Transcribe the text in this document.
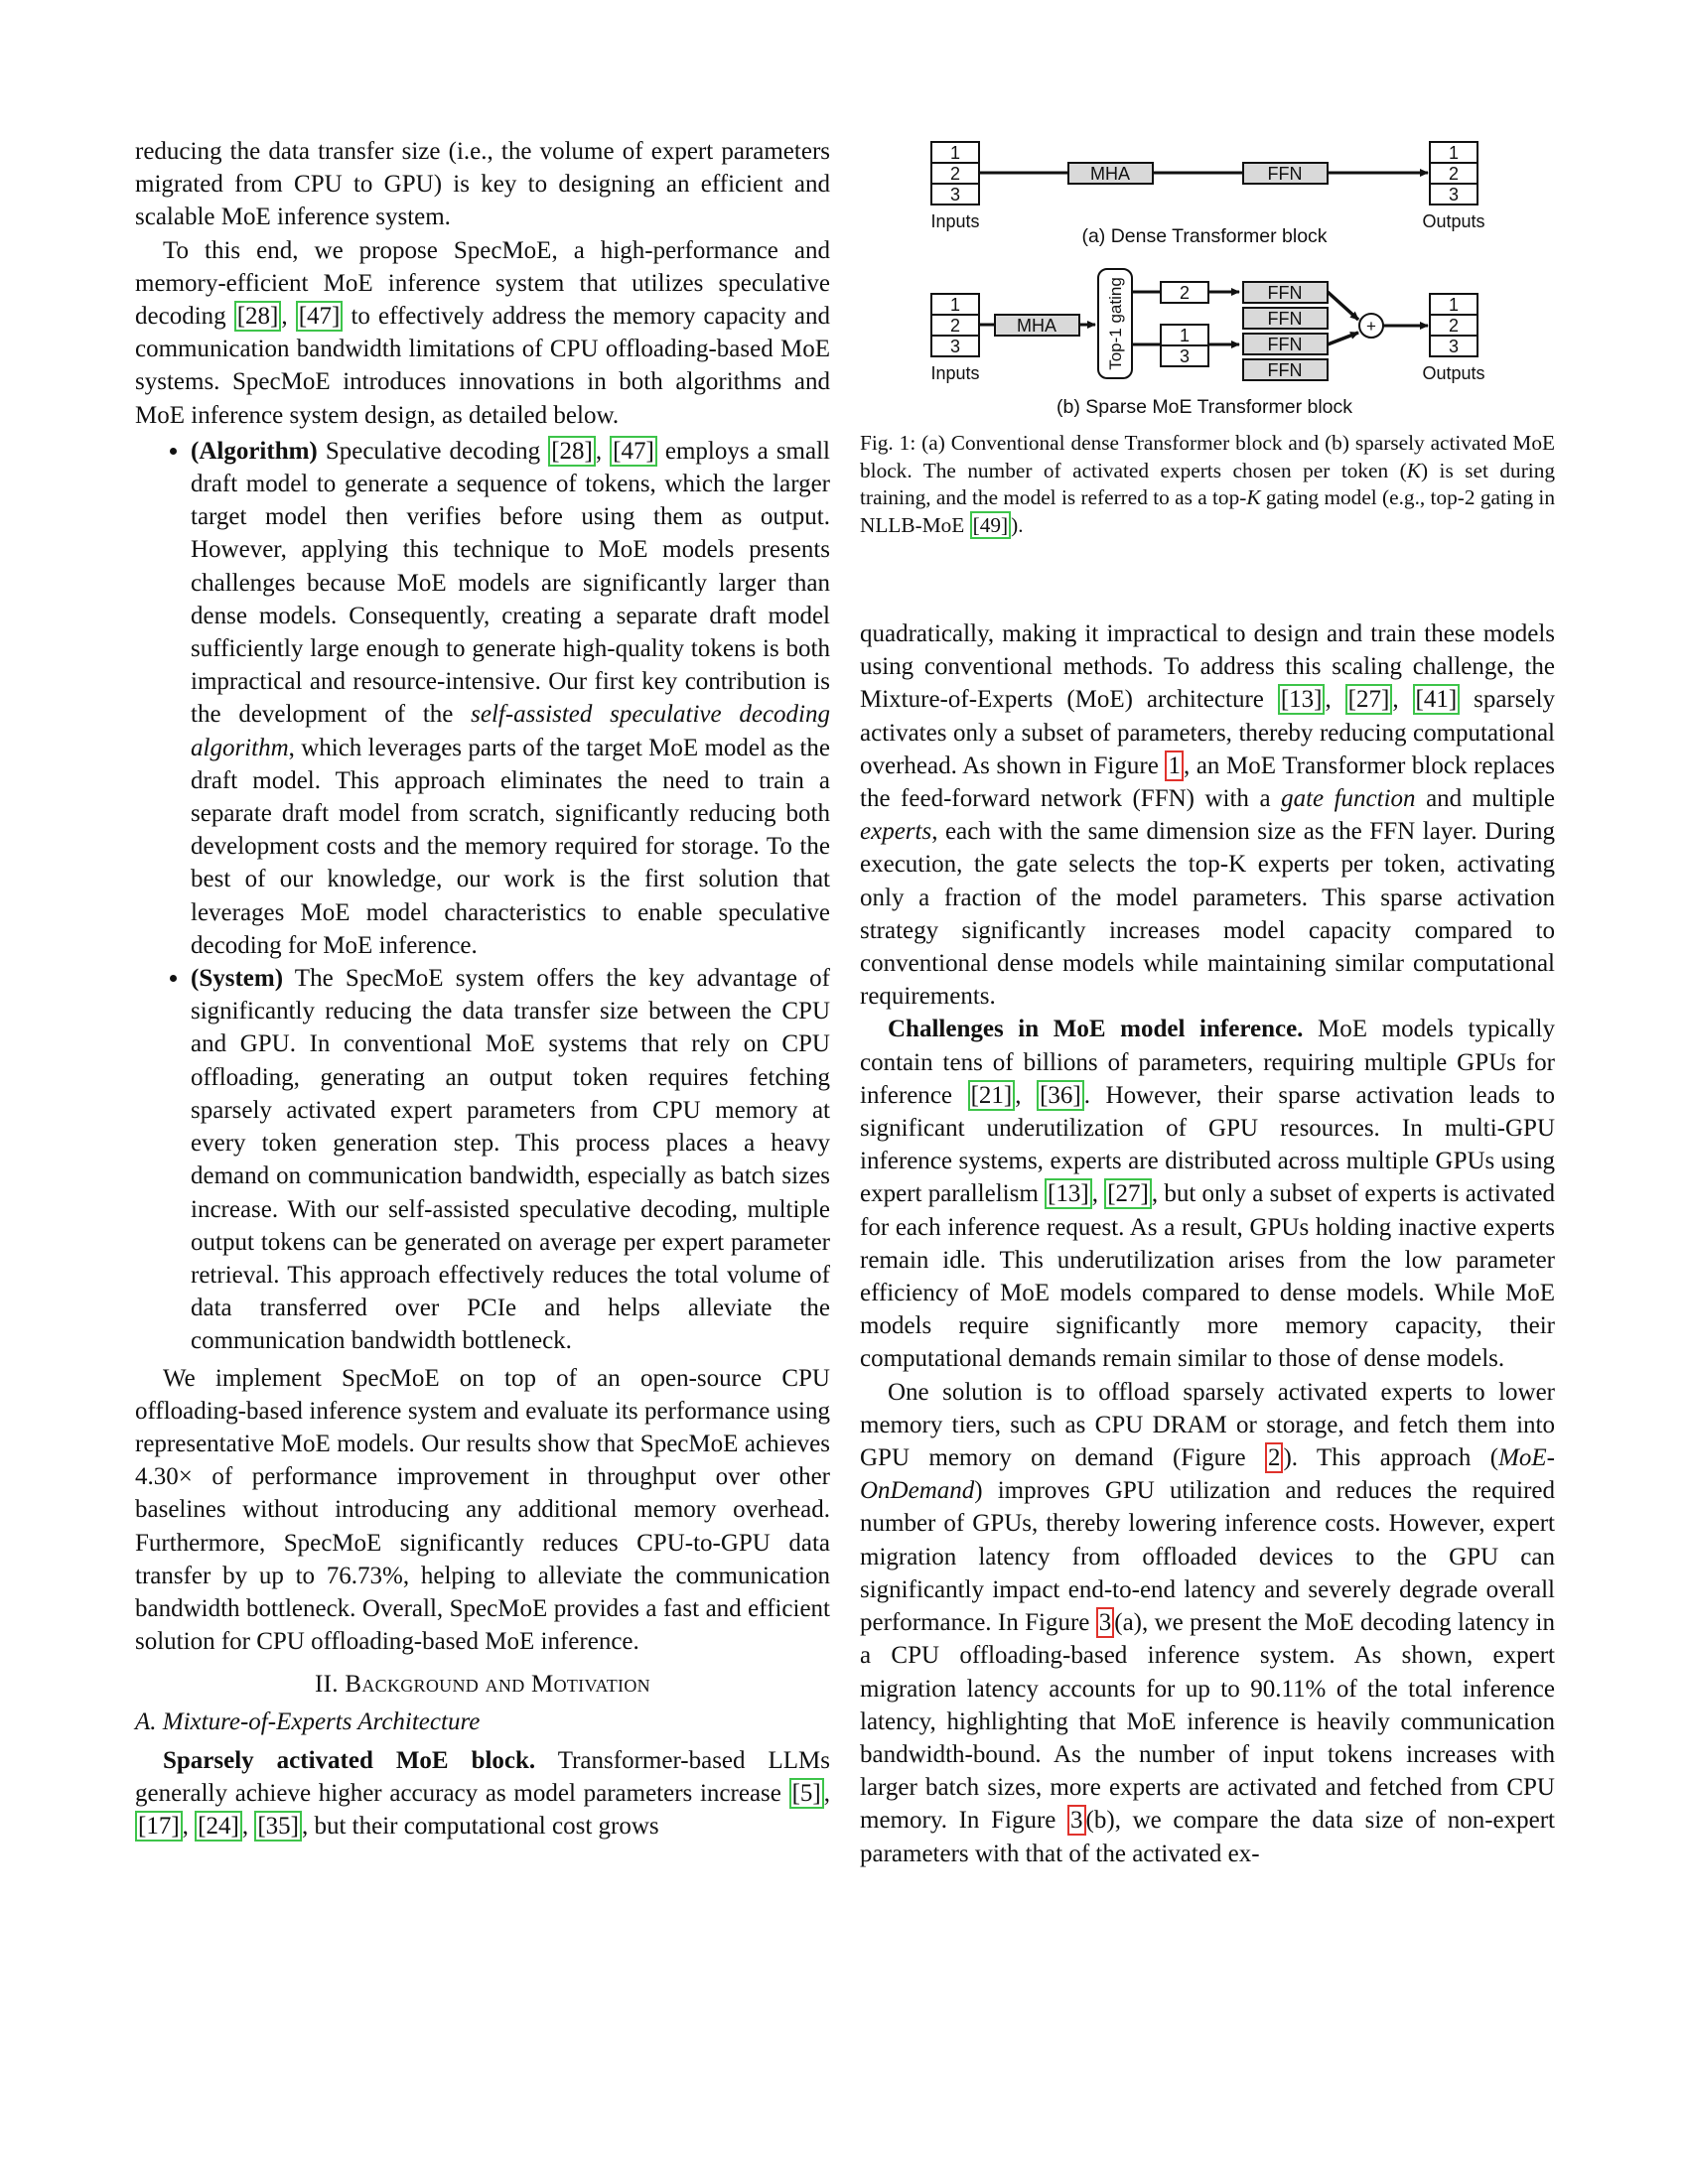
reducing the data transfer size (i.e., the volume of expert parameters migrated from CPU to GPU) is key to designing an efficient and scalable MoE inference system.

To this end, we propose SpecMoE, a high-performance and memory-efficient MoE inference system that utilizes speculative decoding [28] , [47] to effectively address the memory capacity and communication bandwidth limitations of CPU offloading-based MoE systems. SpecMoE introduces innovations in both algorithms and MoE inference system design, as detailed below.

• (Algorithm) Speculative decoding [28] , [47] employs a small draft model to generate a sequence of tokens, which the larger target model then verifies before using them as output. However, applying this technique to MoE models presents challenges because MoE models are significantly larger than dense models. Consequently, creating a separate draft model sufficiently large enough to generate high-quality tokens is both impractical and resource-intensive. Our first key contribution is the development of the self-assisted speculative decoding algorithm, which leverages parts of the target MoE model as the draft model. This approach eliminates the need to train a separate draft model from scratch, significantly reducing both development costs and the memory required for storage. To the best of our knowledge, our work is the first solution that leverages MoE model characteristics to enable speculative decoding for MoE inference.
• (System) The SpecMoE system offers the key advantage of significantly reducing the data transfer size between the CPU and GPU. In conventional MoE systems that rely on CPU offloading, generating an output token requires fetching sparsely activated expert parameters from CPU memory at every token generation step. This process places a heavy demand on communication bandwidth, especially as batch sizes increase. With our self-assisted speculative decoding, multiple output tokens can be generated on average per expert parameter retrieval. This approach effectively reduces the total volume of data transferred over PCIe and helps alleviate the communication bandwidth bottleneck.

We implement SpecMoE on top of an open-source CPU offloading-based inference system and evaluate its performance using representative MoE models. Our results show that SpecMoE achieves 4.30× of performance improvement in throughput over other baselines without introducing any additional memory overhead. Furthermore, SpecMoE significantly reduces CPU-to-GPU data transfer by up to 76.73%, helping to alleviate the communication bandwidth bottleneck. Overall, SpecMoE provides a fast and efficient solution for CPU offloading-based MoE inference.

II. Background and Motivation
A. Mixture-of-Experts Architecture

Sparsely activated MoE block. Transformer-based LLMs generally achieve higher accuracy as model parameters increase [5] , [17] , [24] , [35] , but their computational cost grows

1
2
3
Inputs
MHA	FFN
1
2
3
Outputs
(a) Dense Transformer block
1
2
3
Inputs
MHA	Top-1 gating	2
1
3
FFN
FFN
FFN
FFN
+
1
2
3
Outputs
(b) Sparse MoE Transformer block
Fig. 1: (a) Conventional dense Transformer block and (b) sparsely activated MoE block. The number of activated experts chosen per token (K) is set during training, and the model is referred to as a top-K gating model (e.g., top-2 gating in NLLB-MoE [49] ).

quadratically, making it impractical to design and train these models using conventional methods. To address this scaling challenge, the Mixture-of-Experts (MoE) architecture [13] , [27] , [41] sparsely activates only a subset of parameters, thereby reducing computational overhead. As shown in Figure 1 , an MoE Transformer block replaces the feed-forward network (FFN) with a gate function and multiple experts, each with the same dimension size as the FFN layer. During execution, the gate selects the top-K experts per token, activating only a fraction of the model parameters. This sparse activation strategy significantly increases model capacity compared to conventional dense models while maintaining similar computational requirements.

Challenges in MoE model inference. MoE models typically contain tens of billions of parameters, requiring multiple GPUs for inference [21] , [36] . However, their sparse activation leads to significant underutilization of GPU resources. In multi-GPU inference systems, experts are distributed across multiple GPUs using expert parallelism [13] , [27] , but only a subset of experts is activated for each inference request. As a result, GPUs holding inactive experts remain idle. This underutilization arises from the low parameter efficiency of MoE models compared to dense models. While MoE models require significantly more memory capacity, their computational demands remain similar to those of dense models.

One solution is to offload sparsely activated experts to lower memory tiers, such as CPU DRAM or storage, and fetch them into GPU memory on demand (Figure 2 ). This approach (MoE-OnDemand) improves GPU utilization and reduces the required number of GPUs, thereby lowering inference costs. However, expert migration latency from offloaded devices to the GPU can significantly impact end-to-end latency and severely degrade overall performance. In Figure 3 (a), we present the MoE decoding latency in a CPU offloading-based inference system. As shown, expert migration latency accounts for up to 90.11% of the total inference latency, highlighting that MoE inference is heavily communication bandwidth-bound. As the number of input tokens increases with larger batch sizes, more experts are activated and fetched from CPU memory. In Figure 3 (b), we compare the data size of non-expert parameters with that of the activated ex-
